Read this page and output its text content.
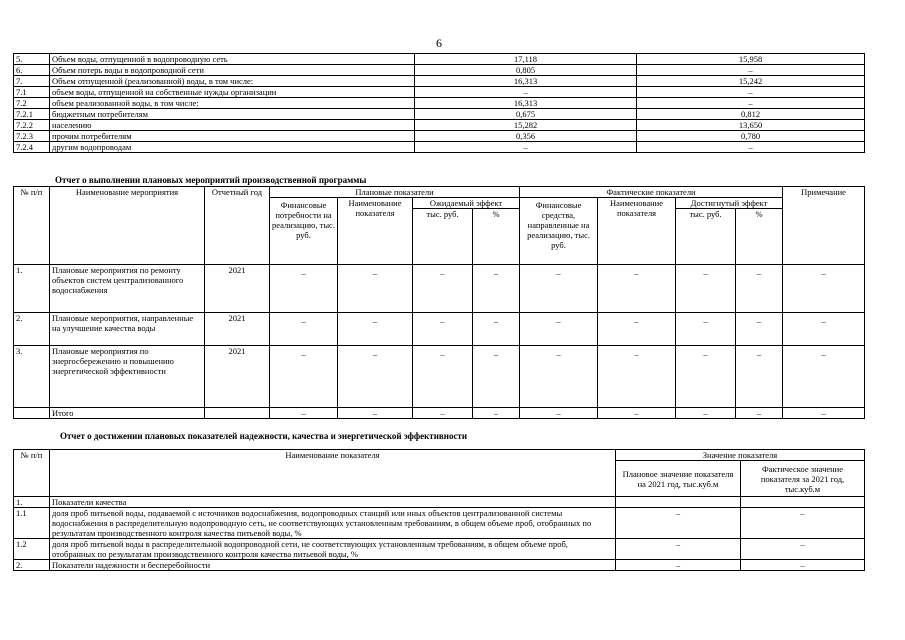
6
5.	Объем воды, отпущенной в водопроводную сеть	17,118	15,958
6.	Объем потерь воды в водопроводной сети	0,805	–
7.	Объем отпущенной (реализованной) воды, в том числе:	16,313	15,242
7.1	объем воды, отпущенной на собственные нужды организации	–	–
7.2	объем реализованной воды, в том числе:	16,313	–
7.2.1	бюджетным потребителям	0,675	0,812
7.2.2	населению	15,282	13,650
7.2.3	прочим потребителям	0,356	0,780
7.2.4	другим водопроводам	–	–
Отчет о выполнении плановых мероприятий производственной программы
№ п/п	Наименование мероприятия	Отчетный год	Плановые показатели				Фактические показатели				Примечание
			Финансовые потребности на реализацию, тыс. руб.	Наименование показателя	Ожидаемый эффект		Финансовые средства, направленные на реализацию, тыс. руб.	Наименование показателя	Достигнутый эффект		
					тыс. руб.	%			тыс. руб.	%	
1.	Плановые мероприятия по ремонту объектов систем централизованного водоснабжения	2021	–	–	–	–	–	–	–	–	–
2.	Плановые мероприятия, направленные на улучшение качества воды	2021	–	–	–	–	–	–	–	–	–
3.	Плановые мероприятия по энергосбережению и повышению энергетической эффективности	2021	–	–	–	–	–	–	–	–	–
	Итого		–	–	–	–	–	–	–	–	–
Отчет о достижении плановых показателей надежности, качества и энергетической эффективности
№ п/п	Наименование показателя	Значение показателя	
		Плановое значение показателя на 2021 год, тыс.куб.м	Фактическое значение показателя за 2021 год, тыс.куб.м
1.	Показатели качества		
1.1	доля проб питьевой воды, подаваемой с источников водоснабжения, водопроводных станций или иных объектов централизованной системы водоснабжения в распределительную водопроводную сеть, не соответствующих установленным требованиям, в общем объеме проб, отобранных по результатам производственного контроля качества питьевой воды, %	–	–
1.2	доля проб питьевой воды в распределительной водопроводной сети, не соответствующих установленным требованиям, в общем объеме проб, отобранных по результатам производственного контроля качества питьевой воды, %	–	–
2.	Показатели надежности и бесперебойности	–	–
